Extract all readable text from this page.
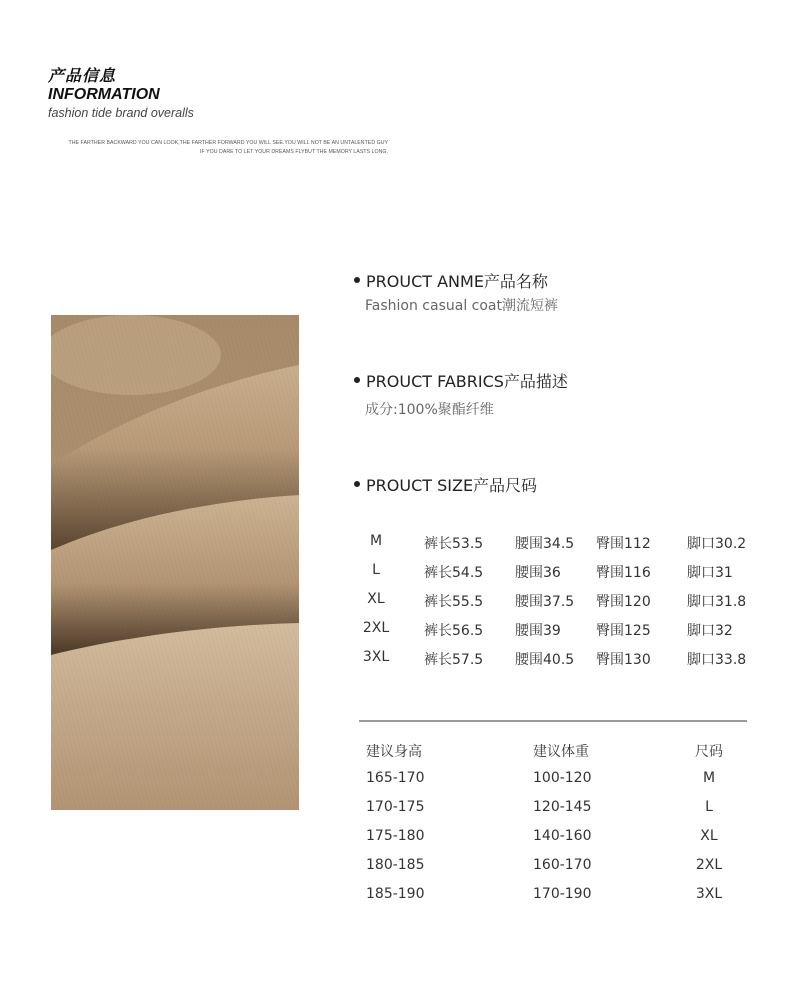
产品信息
INFORMATION
fashion tide brand overalls
THE FARTHER BACKWARD YOU CAN LOOK,THE FARTHER FORWARD YOU WILL SEE.YOU WILL NOT BE AN UNTALENTED GUY
IF YOU DARE TO LET YOUR DREAMS FLYBUT THE MEMORY LASTS LONG.
PROUCT ANME产品名称
Fashion casual coat潮流短裤
PROUCT FABRICS产品描述
成分:100%聚酯纤维
PROUCT SIZE产品尺码
M	裤长53.5 腰围34.5 臀围112	脚口30.2
L	裤长54.5 腰围36	臀围116	脚口31
XL	裤长55.5 腰围37.5 臀围120	脚口31.8
2XL	裤长56.5 腰围39	臀围125	脚口32
3XL	裤长57.5 腰围40.5 臀围130	脚口33.8
建议身高	建议体重	尺码
165-170	100-120	M
170-175	120-145	L
175-180	140-160	XL
180-185	160-170	2XL
185-190	170-190	3XL
